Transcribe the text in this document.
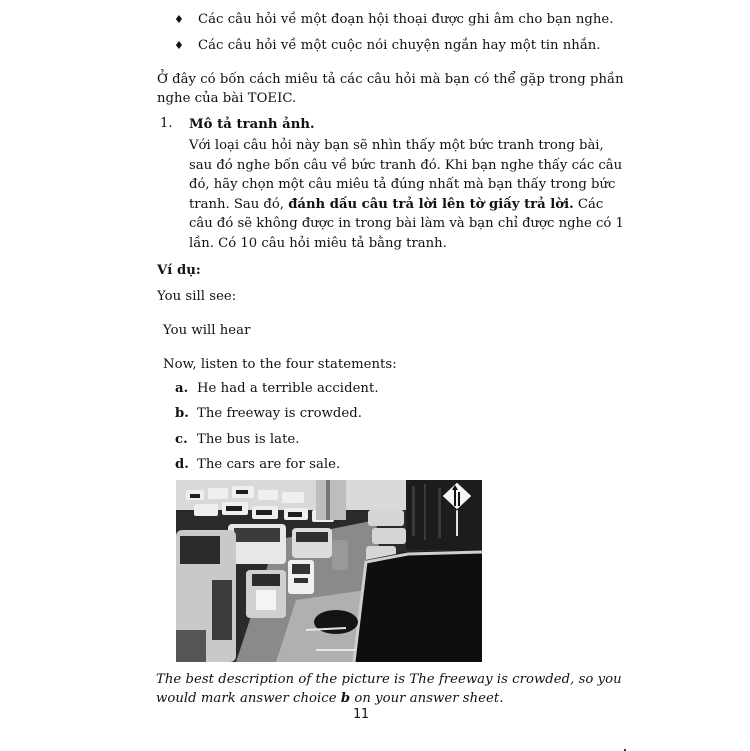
♦ Các câu hỏi về một đoạn hội thoại được ghi âm cho bạn nghe.
♦ Các câu hỏi về một cuộc nói chuyện ngắn hay một tin nhắn.
Ở đây có bốn cách miêu tả các câu hỏi mà bạn có thể gặp trong phần
nghe của bài TOEIC.
1. Mô tả tranh ảnh.
Với loại câu hỏi này bạn sẽ nhìn thấy một bức tranh trong bài,
sau đó nghe bốn câu về bức tranh đó. Khi bạn nghe thấy các câu
đó, hãy chọn một câu miêu tả đúng nhất mà bạn thấy trong bức
tranh. Sau đó, đánh dấu câu trả lời lên tờ giấy trả lời. Các
câu đó sẽ không được in trong bài làm và bạn chỉ được nghe có 1
lần. Có 10 câu hỏi miêu tả bằng tranh.
Ví dụ:
You sill see:
You will hear
Now, listen to the four statements:
a. He had a terrible accident.
b. The freeway is crowded.
c. The bus is late.
d. The cars are for sale.
The best description of the picture is The freeway is crowded, so you
would mark answer choice b on your answer sheet.
11
